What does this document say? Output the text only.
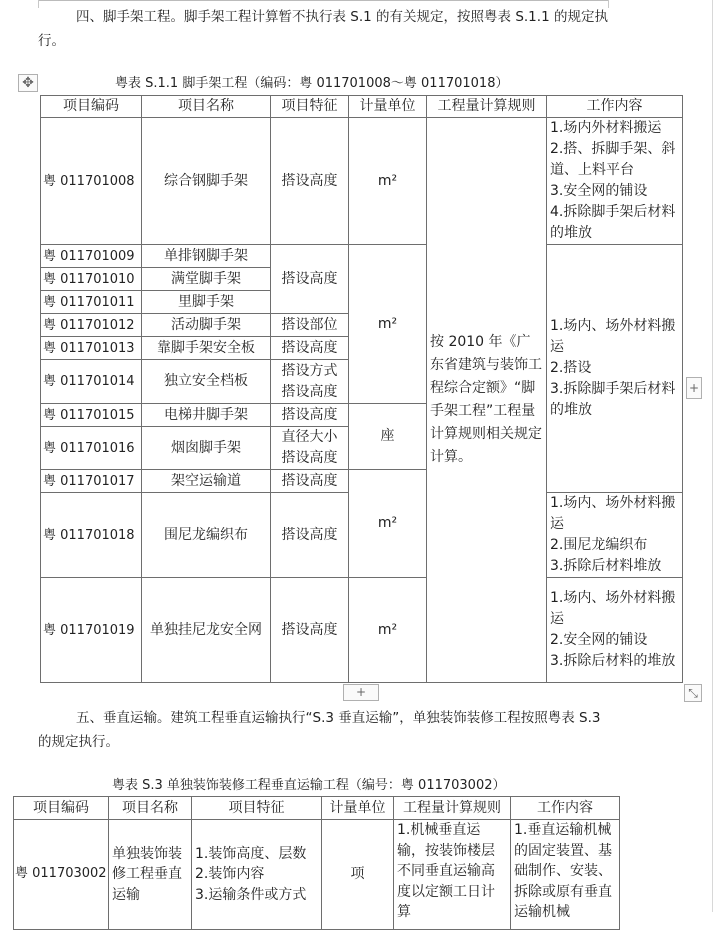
四、脚手架工程。脚手架工程计算暂不执行表 S.1 的有关规定，按照粤表 S.1.1 的规定执行。

✥	粤表 S.1.1 脚手架工程（编码：粤 011701008～粤 011701018）
项目编码	项目名称	项目特征	计量单位	工程量计算规则	工作内容
粤 011701008	综合钢脚手架	搭设高度	m²	按 2010 年《广东省建筑与装饰工程综合定额》“脚手架工程”工程量计算规则相关规定计算。	1.场内外材料搬运
2.搭、拆脚手架、斜道、上料平台
3.安全网的铺设
4.拆除脚手架后材料的堆放
粤 011701009	单排钢脚手架	搭设高度	m²		1.场内、场外材料搬运
2.搭设
3.拆除脚手架后材料的堆放
粤 011701010	满堂脚手架				
粤 011701011	里脚手架				
粤 011701012	活动脚手架	搭设部位			
粤 011701013	靠脚手架安全板	搭设高度			
粤 011701014	独立安全档板	搭设方式
搭设高度			
粤 011701015	电梯井脚手架	搭设高度	座		
粤 011701016	烟囱脚手架	直径大小
搭设高度			
粤 011701017	架空运输道	搭设高度	m²		
粤 011701018	围尼龙编织布	搭设高度			1.场内、场外材料搬运
2.围尼龙编织布
3.拆除后材料堆放
粤 011701019	单独挂尼龙安全网	搭设高度	m²		1.场内、场外材料搬运
2.安全网的铺设
3.拆除后材料的堆放
+
+	⤡

五、垂直运输。建筑工程垂直运输执行“S.3 垂直运输”，单独装饰装修工程按照粤表 S.3 的规定执行。

粤表 S.3 单独装饰装修工程垂直运输工程（编号：粤 011703002）
项目编码	项目名称	项目特征	计量单位	工程量计算规则	工作内容
粤 011703002	单独装饰装修工程垂直运输	1.装饰高度、层数
2.装饰内容
3.运输条件或方式	项	1.机械垂直运输，按装饰楼层不同垂直运输高度以定额工日计算	1.垂直运输机械的固定装置、基础制作、安装、拆除或原有垂直运输机械
